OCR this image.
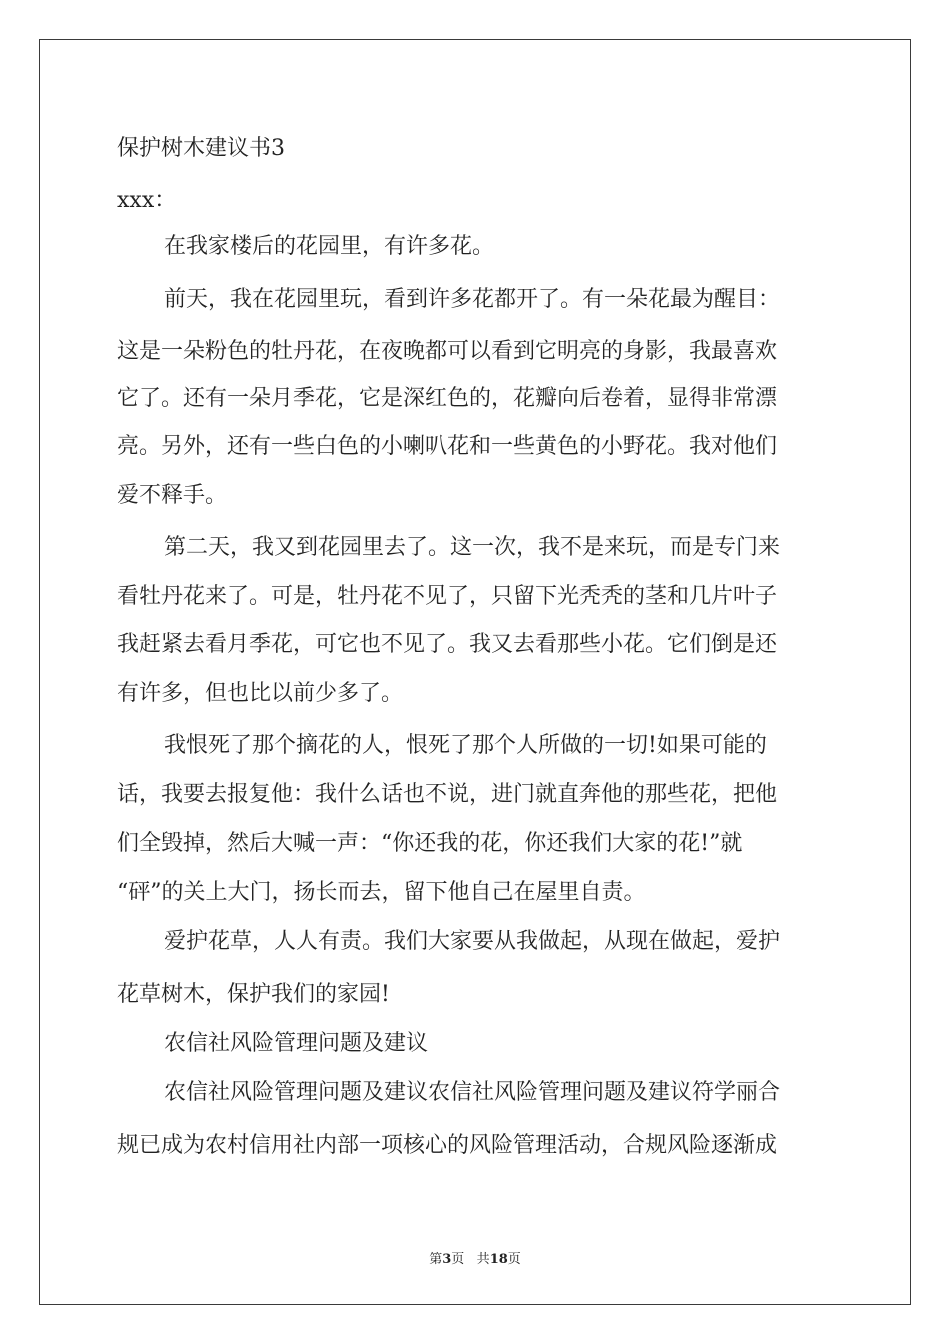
保护树木建议书3

xxx：

在我家楼后的花园里，有许多花。

前天，我在花园里玩，看到许多花都开了。有一朵花最为醒目：

这是一朵粉色的牡丹花，在夜晚都可以看到它明亮的身影，我最喜欢

它了。还有一朵月季花，它是深红色的，花瓣向后卷着，显得非常漂

亮。另外，还有一些白色的小喇叭花和一些黄色的小野花。我对他们

爱不释手。

第二天，我又到花园里去了。这一次，我不是来玩，而是专门来

看牡丹花来了。可是，牡丹花不见了，只留下光秃秃的茎和几片叶子

我赶紧去看月季花，可它也不见了。我又去看那些小花。它们倒是还

有许多，但也比以前少多了。

我恨死了那个摘花的人，恨死了那个人所做的一切!如果可能的

话，我要去报复他：我什么话也不说，进门就直奔他的那些花，把他

们全毁掉，然后大喊一声：“你还我的花，你还我们大家的花!”就

“砰”的关上大门，扬长而去，留下他自己在屋里自责。

爱护花草，人人有责。我们大家要从我做起，从现在做起，爱护

花草树木，保护我们的家园!

农信社风险管理问题及建议

农信社风险管理问题及建议农信社风险管理问题及建议符学丽合

规已成为农村信用社内部一项核心的风险管理活动，合规风险逐渐成

第3页 共18页
